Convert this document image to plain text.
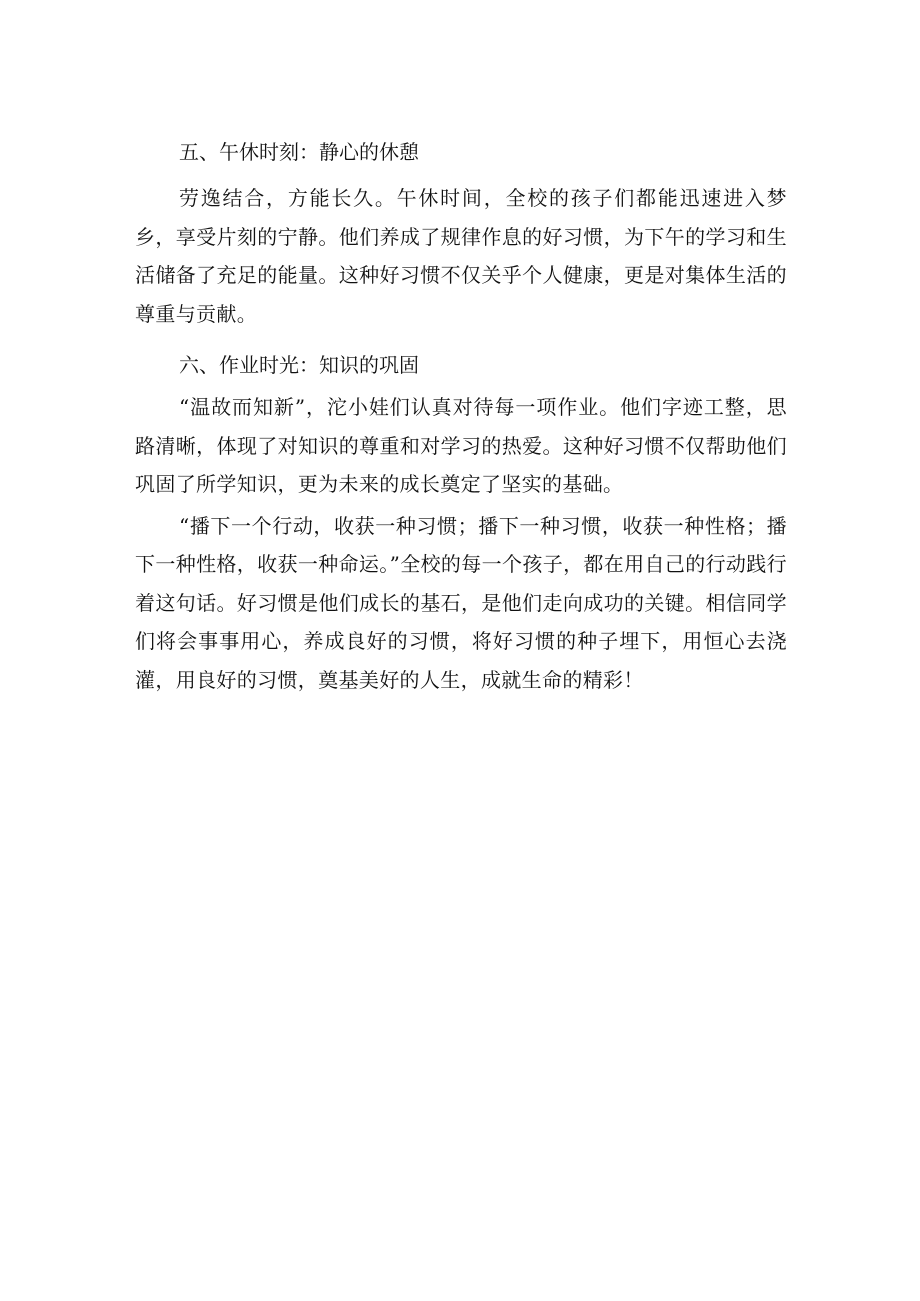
五、午休时刻：静心的休憩

劳逸结合，方能长久。午休时间，全校的孩子们都能迅速进入梦乡，享受片刻的宁静。他们养成了规律作息的好习惯，为下午的学习和生活储备了充足的能量。这种好习惯不仅关乎个人健康，更是对集体生活的尊重与贡献。

六、作业时光：知识的巩固

“温故而知新”，沱小娃们认真对待每一项作业。他们字迹工整，思路清晰，体现了对知识的尊重和对学习的热爱。这种好习惯不仅帮助他们巩固了所学知识，更为未来的成长奠定了坚实的基础。

“播下一个行动，收获一种习惯；播下一种习惯，收获一种性格；播下一种性格，收获一种命运。”全校的每一个孩子，都在用自己的行动践行着这句话。好习惯是他们成长的基石，是他们走向成功的关键。相信同学们将会事事用心，养成良好的习惯，将好习惯的种子埋下，用恒心去浇灌，用良好的习惯，奠基美好的人生，成就生命的精彩！
